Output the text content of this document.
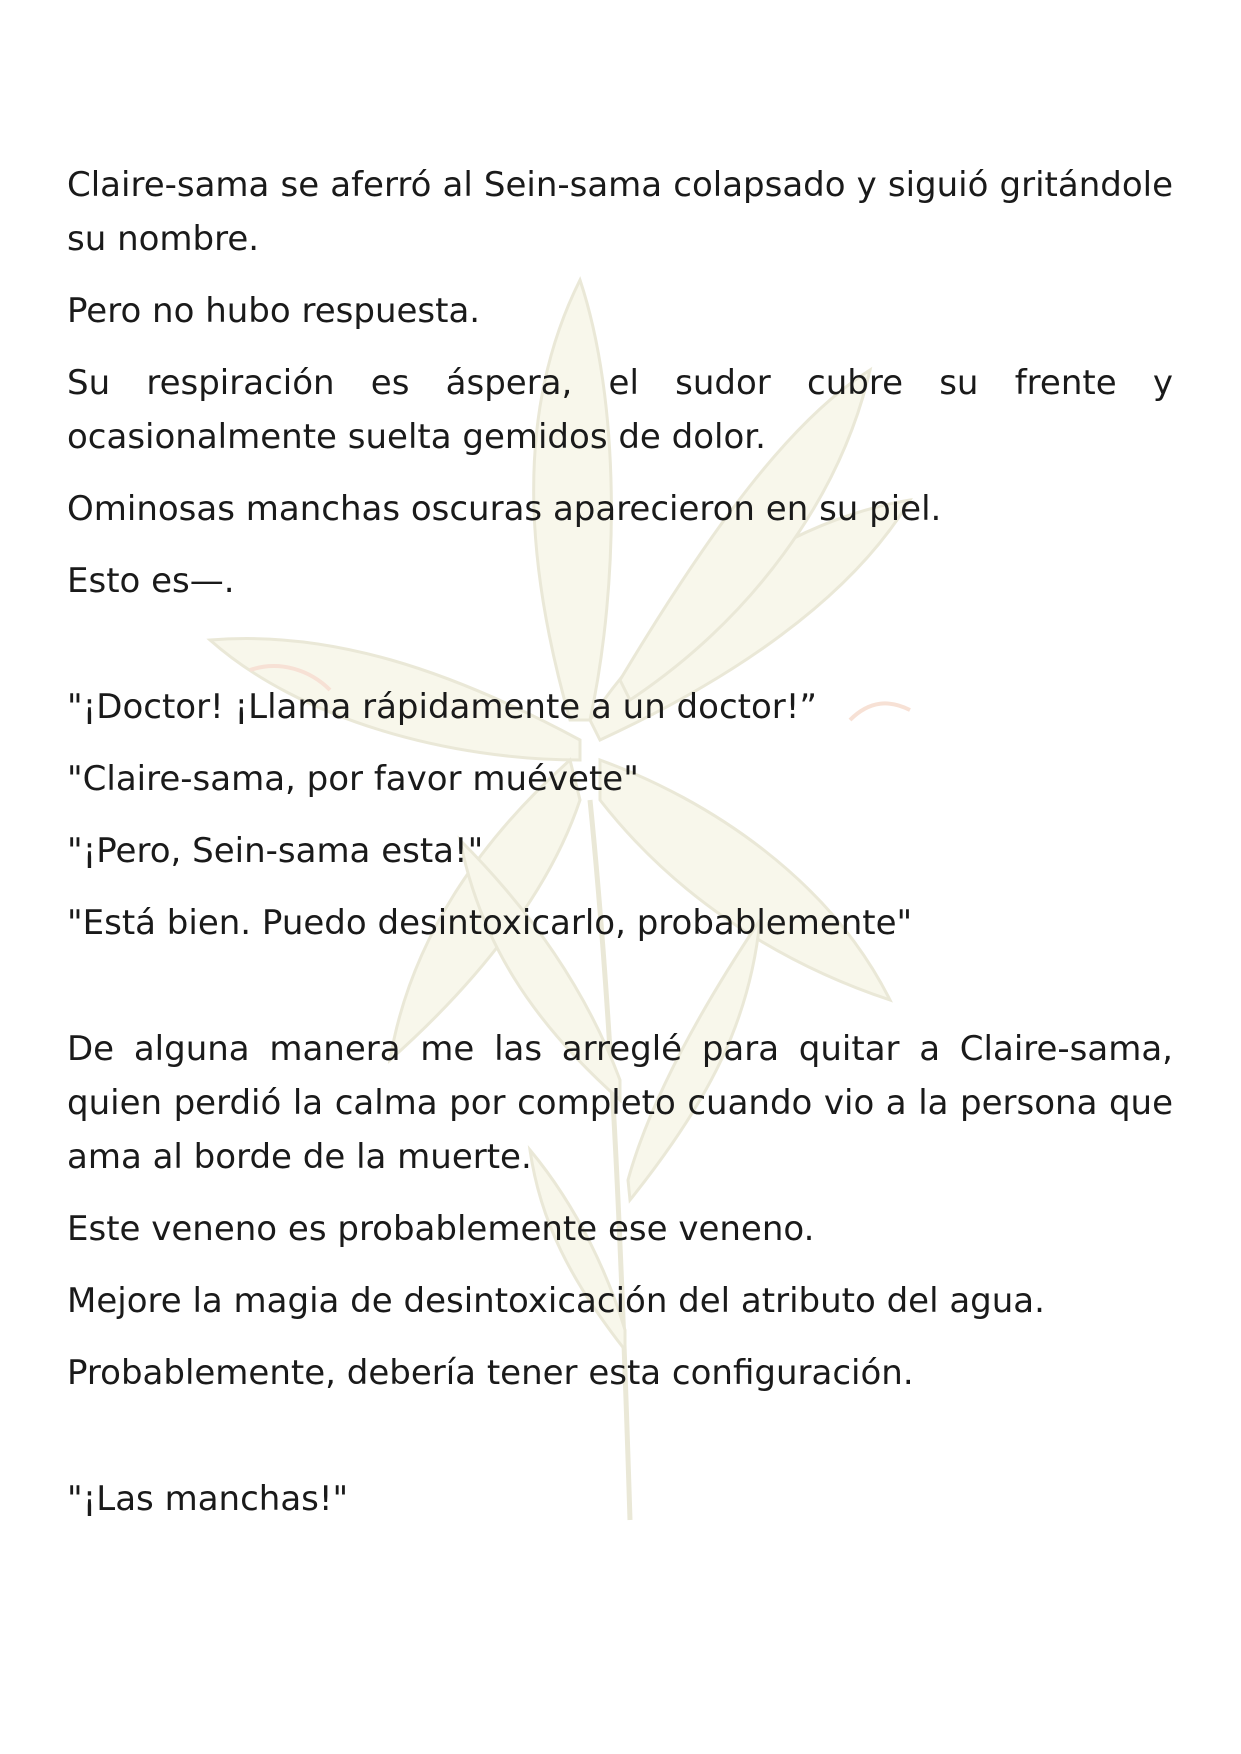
Claire-sama se aferró al Sein-sama colapsado y siguió gritándole su nombre.

Pero no hubo respuesta.

Su respiración es áspera, el sudor cubre su frente y ocasionalmente suelta gemidos de dolor.

Ominosas manchas oscuras aparecieron en su piel.

Esto es—.

"¡Doctor! ¡Llama rápidamente a un doctor!”

"Claire-sama, por favor muévete"

"¡Pero, Sein-sama esta!"

"Está bien. Puedo desintoxicarlo, probablemente"

De alguna manera me las arreglé para quitar a Claire-sama, quien perdió la calma por completo cuando vio a la persona que ama al borde de la muerte.

Este veneno es probablemente ese veneno.

Mejore la magia de desintoxicación del atributo del agua.

Probablemente, debería tener esta configuración.

"¡Las manchas!"
